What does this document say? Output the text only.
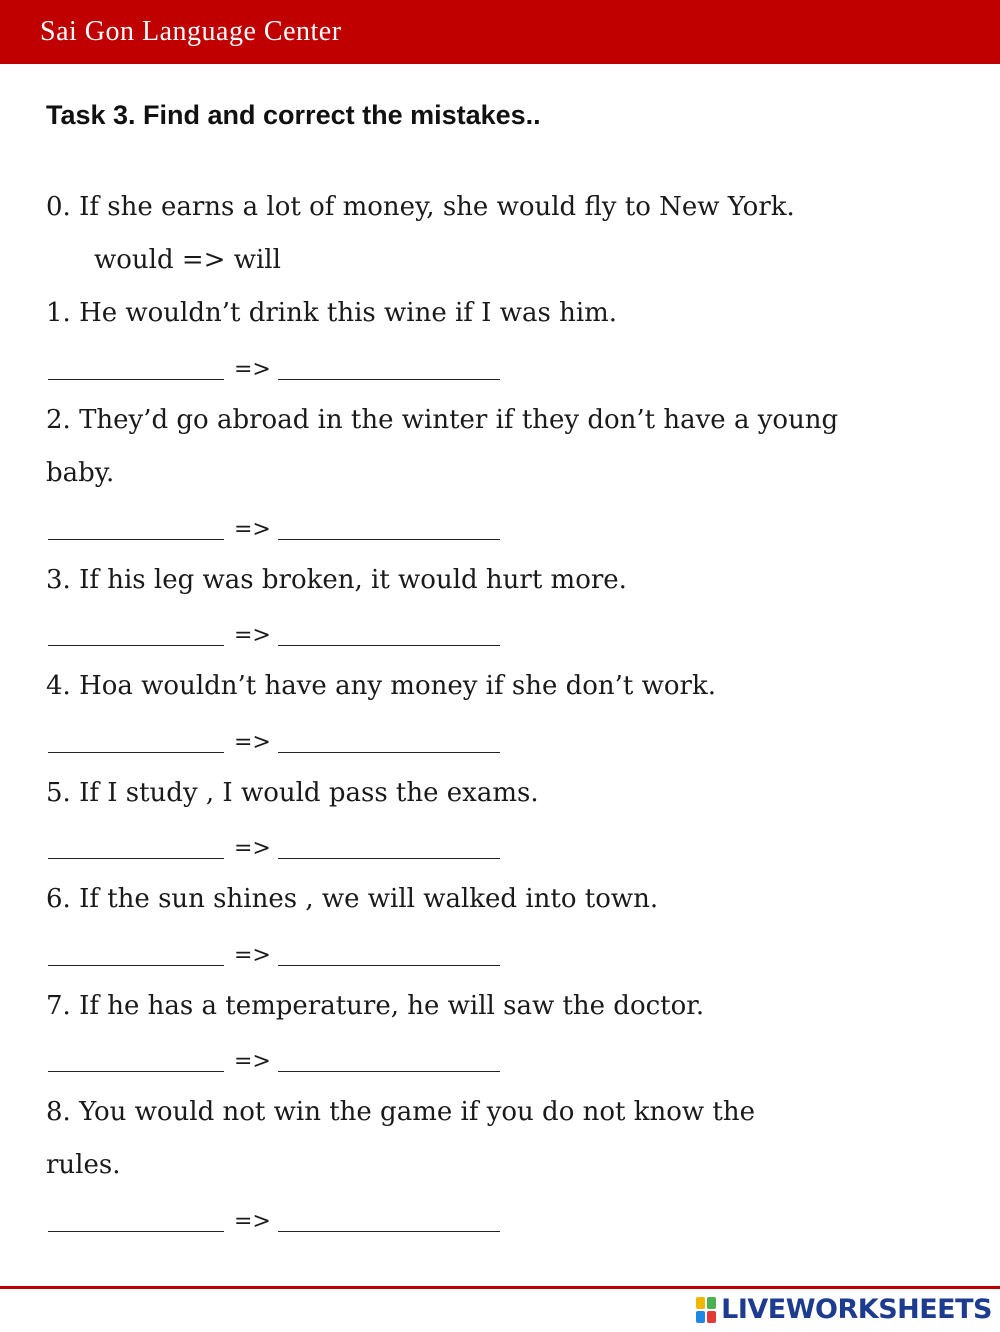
Sai Gon Language Center
Task 3. Find and correct the mistakes..
0. If she earns a lot of money, she would fly to New York.
would => will
1. He wouldn’t drink this wine if I was him.
=>
2. They’d go abroad in the winter if they don’t have a young
baby.
=>
3. If his leg was broken, it would hurt more.
=>
4. Hoa wouldn’t have any money if she don’t work.
=>
5. If I study , I would pass the exams.
=>
6. If the sun shines , we will walked into town.
=>
7. If he has a temperature, he will saw the doctor.
=>
8. You would not win the game if you do not know the
rules.
=>
LIVEWORKSHEETS
